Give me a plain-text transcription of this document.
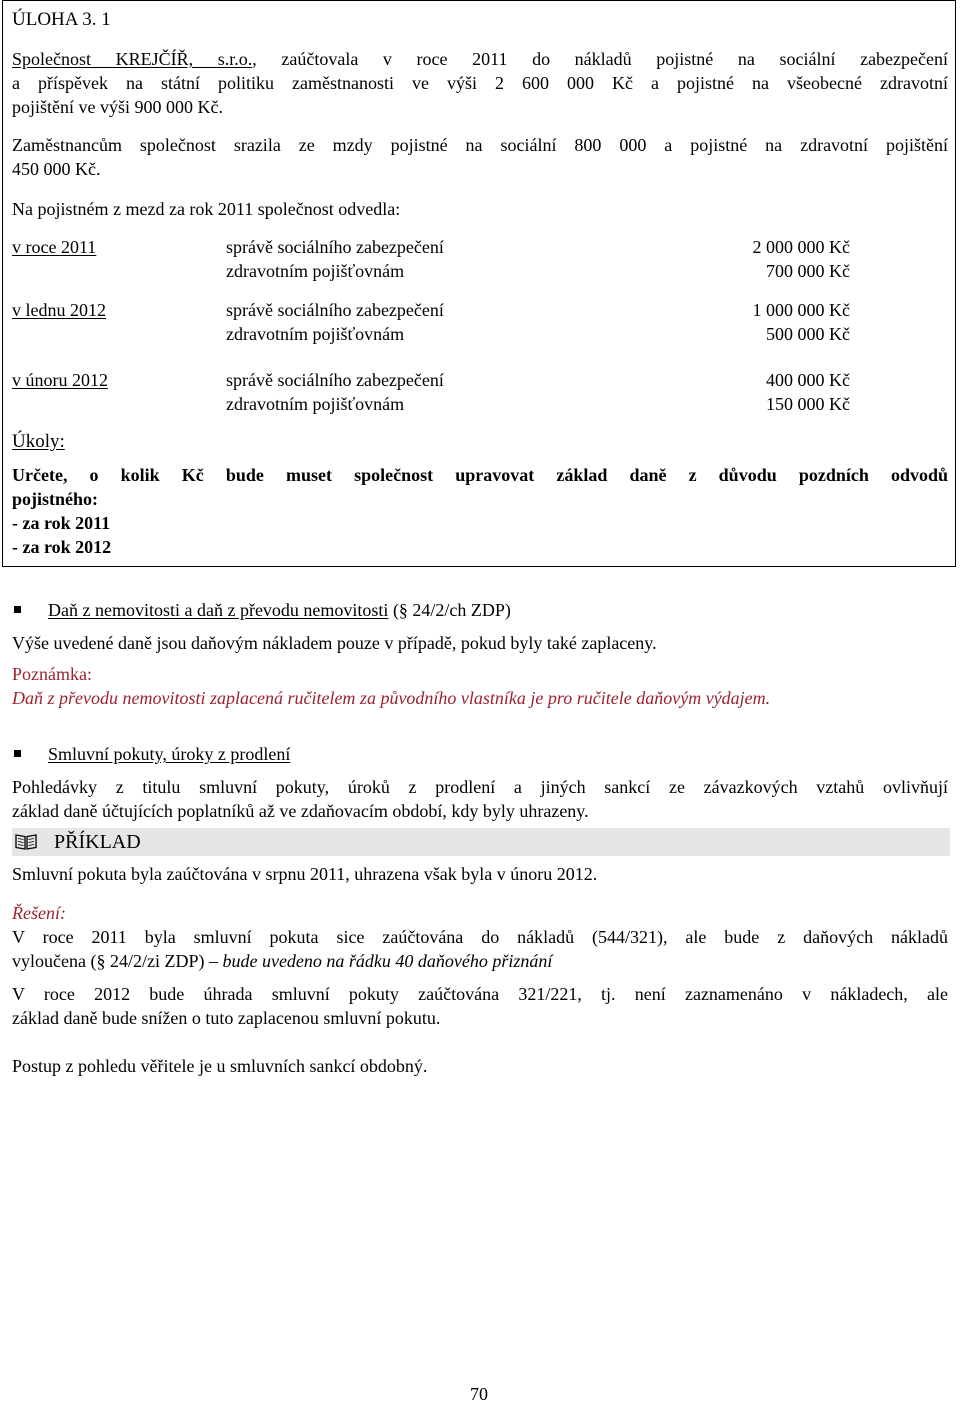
ÚLOHA 3. 1
Společnost KREJČÍŘ, s.r.o., zaúčtovala v roce 2011 do nákladů pojistné na sociální zabezpečení
a příspěvek na státní politiku zaměstnanosti ve výši 2 600 000 Kč a pojistné na všeobecné zdravotní
pojištění ve výši 900 000 Kč.
Zaměstnancům společnost srazila ze mzdy pojistné na sociální 800 000 a pojistné na zdravotní pojištění
450 000 Kč.
Na pojistném z mezd za rok 2011 společnost odvedla:
v roce 2011	správě sociálního zabezpečení	2 000 000 Kč
zdravotním pojišťovnám	700 000 Kč
v lednu 2012	správě sociálního zabezpečení	1 000 000 Kč
zdravotním pojišťovnám	500 000 Kč
v únoru 2012	správě sociálního zabezpečení	400 000 Kč
zdravotním pojišťovnám	150 000 Kč
Úkoly:
Určete, o kolik Kč bude muset společnost upravovat základ daně z důvodu pozdních odvodů
pojistného:
- za rok 2011
- za rok 2012
Daň z nemovitosti a daň z převodu nemovitosti (§ 24/2/ch ZDP)
Výše uvedené daně jsou daňovým nákladem pouze v případě, pokud byly také zaplaceny.
Poznámka:
Daň z převodu nemovitosti zaplacená ručitelem za původního vlastníka je pro ručitele daňovým výdajem.
Smluvní pokuty, úroky z prodlení
Pohledávky z titulu smluvní pokuty, úroků z prodlení a jiných sankcí ze závazkových vztahů ovlivňují
základ daně účtujících poplatníků až ve zdaňovacím období, kdy byly uhrazeny.
PŘÍKLAD
Smluvní pokuta byla zaúčtována v srpnu 2011, uhrazena však byla v únoru 2012.
Řešení:
V roce 2011 byla smluvní pokuta sice zaúčtována do nákladů (544/321), ale bude z daňových nákladů
vyloučena (§ 24/2/zi ZDP) – bude uvedeno na řádku 40 daňového přiznání
V roce 2012 bude úhrada smluvní pokuty zaúčtována 321/221, tj. není zaznamenáno v nákladech, ale
základ daně bude snížen o tuto zaplacenou smluvní pokutu.
Postup z pohledu věřitele je u smluvních sankcí obdobný.
70
